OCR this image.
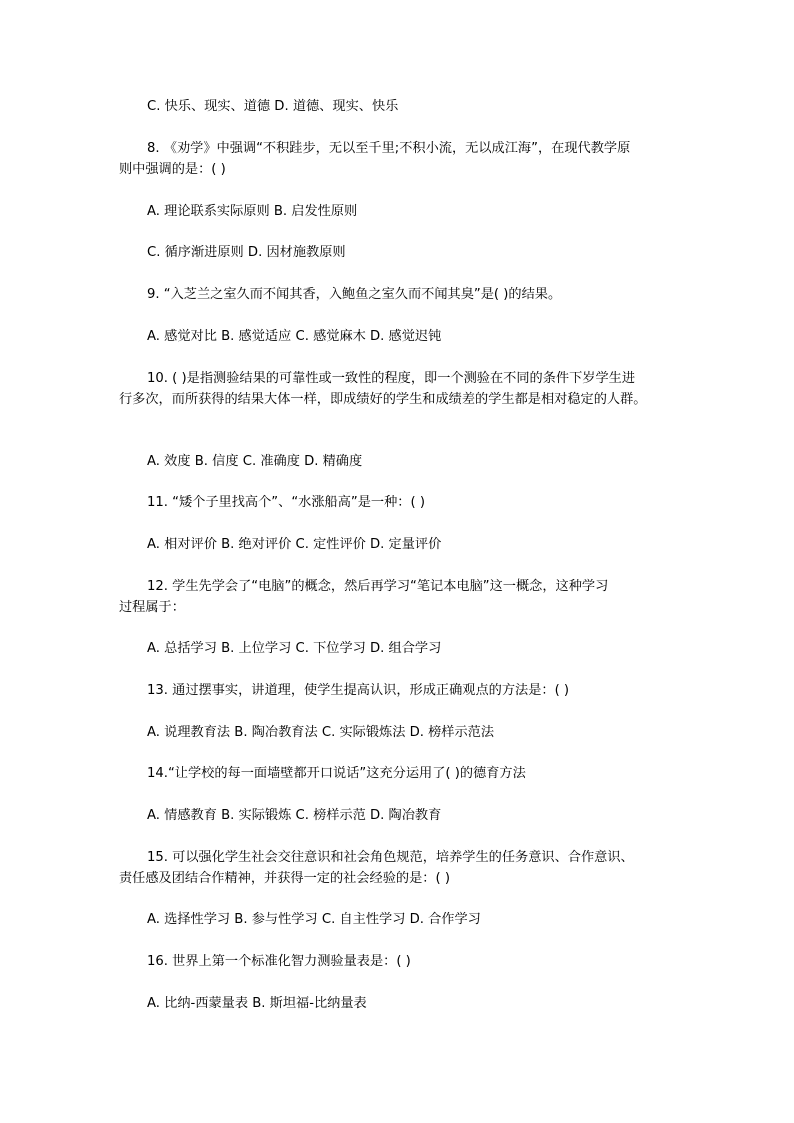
C. 快乐、现实、道德 D. 道德、现实、快乐
8. 《劝学》中强调“不积跬步，无以至千里;不积小流，无以成江海”，在现代教学原
则中强调的是：( )
A. 理论联系实际原则 B. 启发性原则
C. 循序渐进原则 D. 因材施教原则
9. “入芝兰之室久而不闻其香，入鲍鱼之室久而不闻其臭”是( )的结果。
A. 感觉对比 B. 感觉适应 C. 感觉麻木 D. 感觉迟钝
10. ( )是指测验结果的可靠性或一致性的程度，即一个测验在不同的条件下岁学生进
行多次，而所获得的结果大体一样，即成绩好的学生和成绩差的学生都是相对稳定的人群。
A. 效度 B. 信度 C. 准确度 D. 精确度
11. “矮个子里找高个”、“水涨船高”是一种：( )
A. 相对评价 B. 绝对评价 C. 定性评价 D. 定量评价
12. 学生先学会了“电脑”的概念，然后再学习“笔记本电脑”这一概念，这种学习
过程属于：
A. 总括学习 B. 上位学习 C. 下位学习 D. 组合学习
13. 通过摆事实，讲道理，使学生提高认识，形成正确观点的方法是：( )
A. 说理教育法 B. 陶冶教育法 C. 实际锻炼法 D. 榜样示范法
14.“让学校的每一面墙壁都开口说话”这充分运用了( )的德育方法
A. 情感教育 B. 实际锻炼 C. 榜样示范 D. 陶冶教育
15. 可以强化学生社会交往意识和社会角色规范，培养学生的任务意识、合作意识、
责任感及团结合作精神，并获得一定的社会经验的是：( )
A. 选择性学习 B. 参与性学习 C. 自主性学习 D. 合作学习
16. 世界上第一个标准化智力测验量表是：( )
A. 比纳-西蒙量表 B. 斯坦福-比纳量表
